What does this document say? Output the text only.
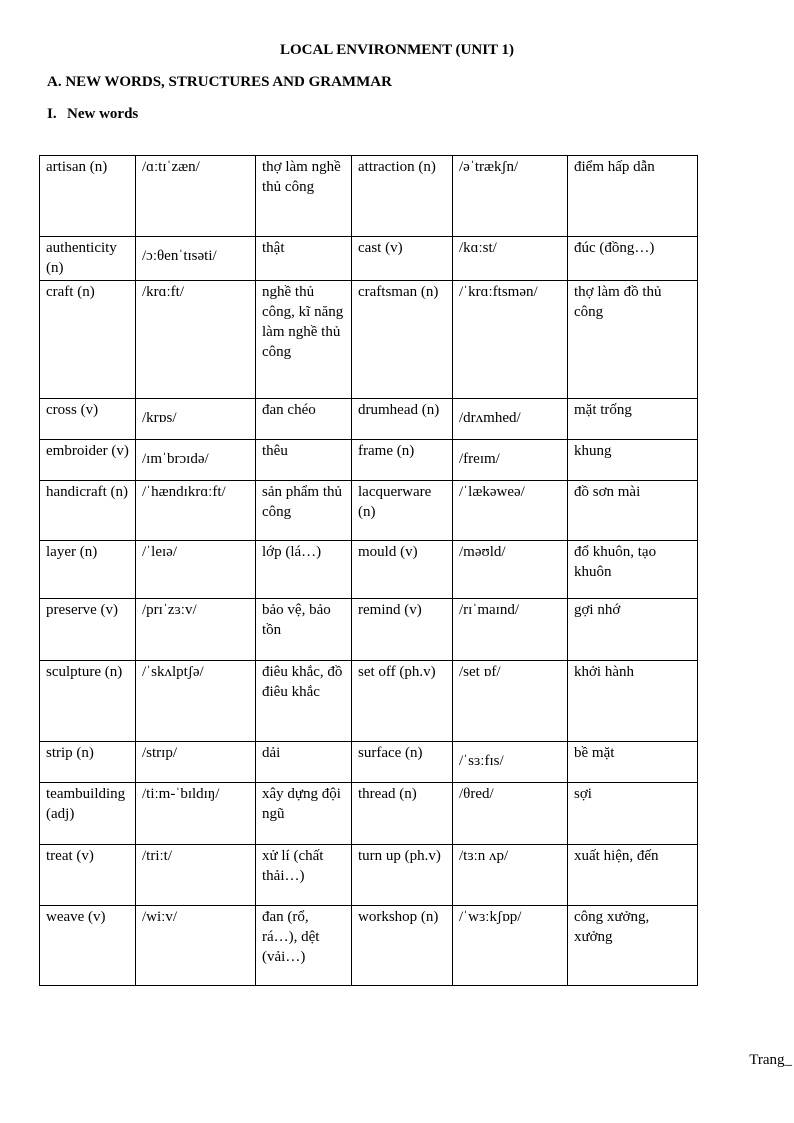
LOCAL ENVIRONMENT (UNIT 1)
A. NEW WORDS, STRUCTURES AND GRAMMAR
I. New words
artisan (n)	/ɑːtɪˈzæn/	thợ làm nghề thủ công	attraction (n)	/əˈtrækʃn/	điểm hấp dẫn
authenticity (n)	/ɔːθenˈtɪsəti/	thật	cast (v)	/kɑːst/	đúc (đồng…)
craft (n)	/krɑːft/	nghề thủ công, kĩ năng làm nghề thủ công	craftsman (n)	/ˈkrɑːftsmən/	thợ làm đồ thủ công
cross (v)	/krɒs/	đan chéo	drumhead (n)	/drʌmhed/	mặt trống
embroider (v)	/ɪmˈbrɔɪdə/	thêu	frame (n)	/freɪm/	khung
handicraft (n)	/ˈhændɪkrɑːft/	sản phẩm thủ công	lacquerware (n)	/ˈlækəweə/	đồ sơn mài
layer (n)	/ˈleɪə/	lớp (lá…)	mould (v)	/məʊld/	đổ khuôn, tạo khuôn
preserve (v)	/prɪˈzɜːv/	bảo vệ, bảo tồn	remind (v)	/rɪˈmaɪnd/	gợi nhớ
sculpture (n)	/ˈskʌlptʃə/	điêu khắc, đồ điêu khắc	set off (ph.v)	/set ɒf/	khởi hành
strip (n)	/strɪp/	dải	surface (n)	/ˈsɜːfɪs/	bề mặt
teambuilding (adj)	/tiːm-ˈbɪldɪŋ/	xây dựng đội ngũ	thread (n)	/θred/	sợi
treat (v)	/triːt/	xử lí (chất thải…)	turn up (ph.v)	/tɜːn ʌp/	xuất hiện, đến
weave (v)	/wiːv/	đan (rổ, rá…), dệt (vải…)	workshop (n)	/ˈwɜːkʃɒp/	công xưởng, xưởng
Trang_
